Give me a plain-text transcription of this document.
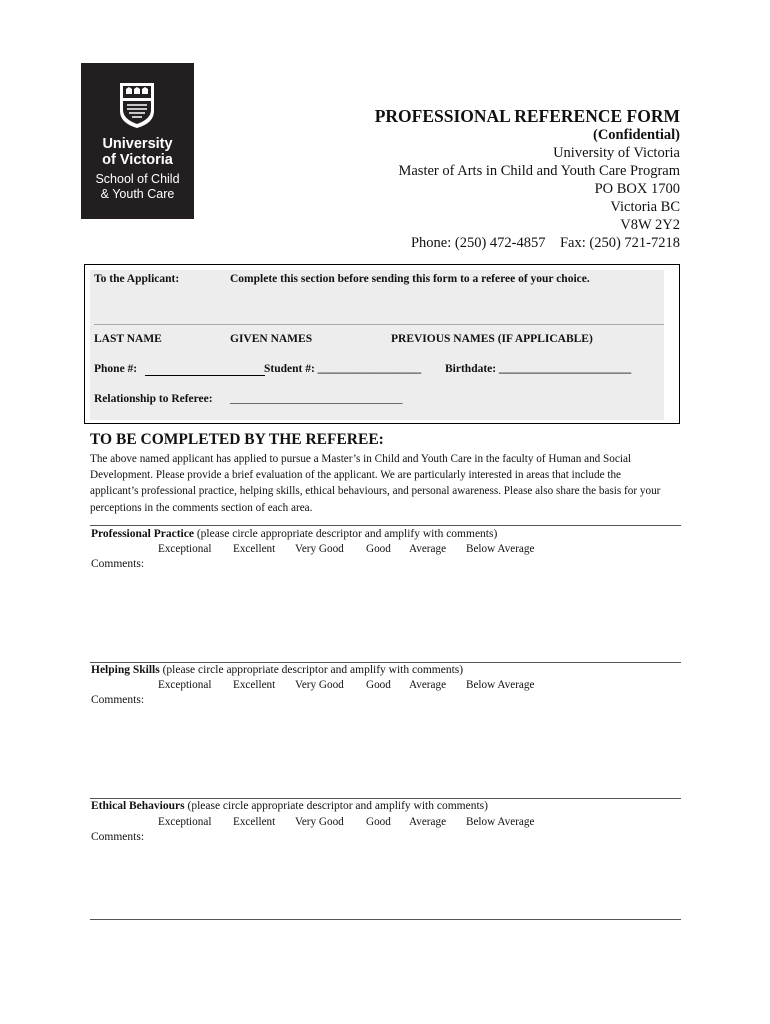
University
of Victoria
School of Child
& Youth Care
PROFESSIONAL REFERENCE FORM
(Confidential)
University of Victoria
Master of Arts in Child and Youth Care Program
PO BOX 1700
Victoria BC
V8W 2Y2
Phone: (250) 472-4857    Fax: (250) 721-7218
To the Applicant:	Complete this section before sending this form to a referee of your choice.
LAST NAME	GIVEN NAMES	PREVIOUS NAMES (IF APPLICABLE)
Phone #:	Student #: __________________ Birthdate: _______________________
Relationship to Referee: ______________________________
TO BE COMPLETED BY THE REFEREE:
The above named applicant has applied to pursue a Master’s in Child and Youth Care in the faculty of Human and Social Development. Please provide a brief evaluation of the applicant. We are particularly interested in areas that include the applicant’s professional practice, helping skills, ethical behaviours, and personal awareness. Please also share the basis for your perceptions in the comments section of each area.
Professional Practice (please circle appropriate descriptor and amplify with comments)
Exceptional Excellent Very Good Good Average Below Average
Comments:
Helping Skills (please circle appropriate descriptor and amplify with comments)
Exceptional Excellent Very Good Good Average Below Average
Comments:
Ethical Behaviours (please circle appropriate descriptor and amplify with comments)
Exceptional Excellent Very Good Good Average Below Average
Comments:
